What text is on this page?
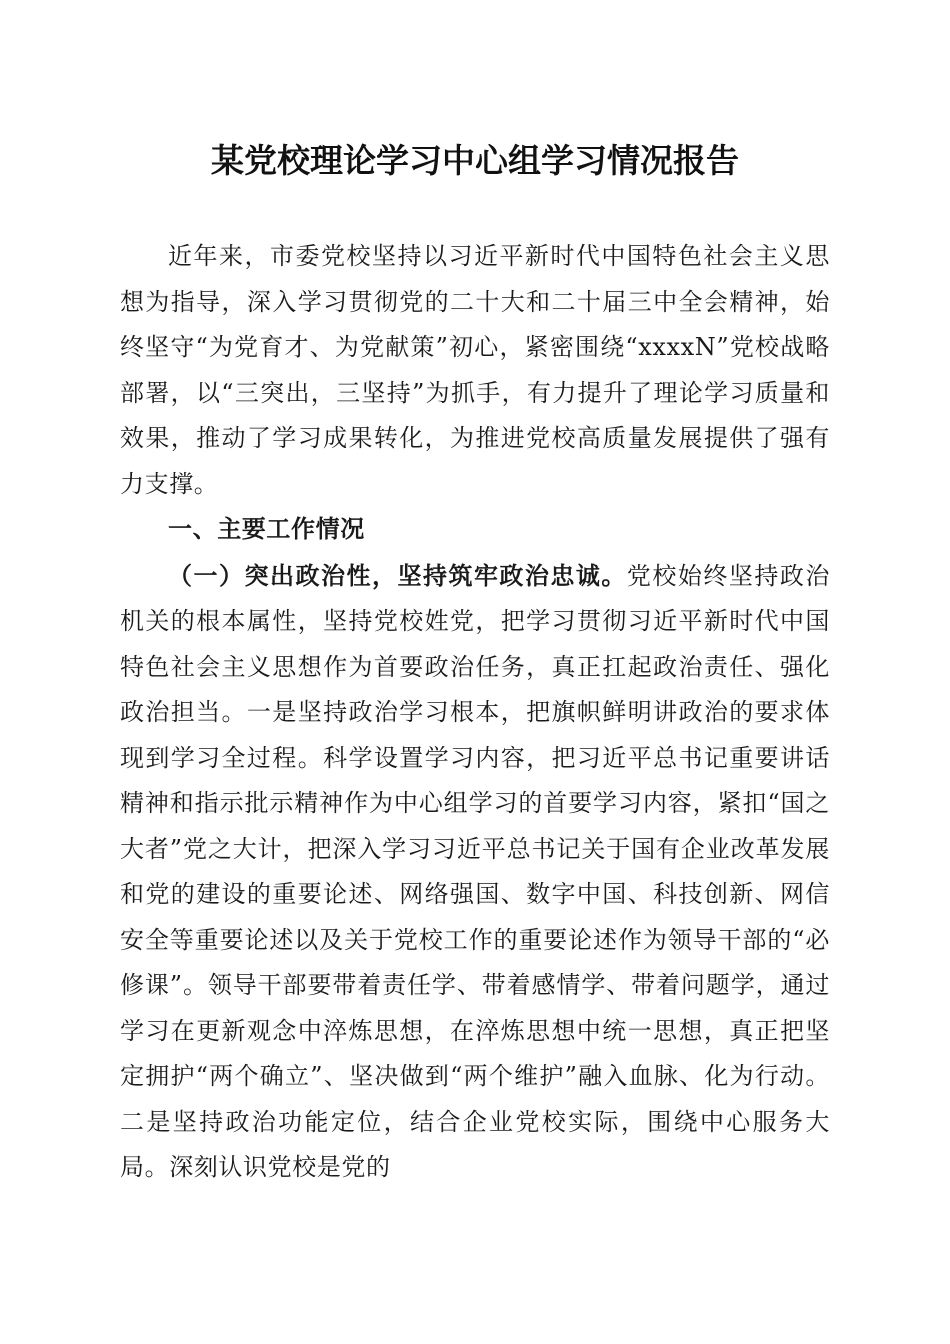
某党校理论学习中心组学习情况报告

近年来，市委党校坚持以习近平新时代中国特色社会主义思想为指导，深入学习贯彻党的二十大和二十届三中全会精神，始终坚守“为党育才、为党献策”初心，紧密围绕“xxxxN”党校战略部署，以“三突出，三坚持”为抓手，有力提升了理论学习质量和效果，推动了学习成果转化，为推进党校高质量发展提供了强有力支撑。

一、主要工作情况

（一）突出政治性，坚持筑牢政治忠诚。党校始终坚持政治机关的根本属性，坚持党校姓党，把学习贯彻习近平新时代中国特色社会主义思想作为首要政治任务，真正扛起政治责任、强化政治担当。一是坚持政治学习根本，把旗帜鲜明讲政治的要求体现到学习全过程。科学设置学习内容，把习近平总书记重要讲话精神和指示批示精神作为中心组学习的首要学习内容，紧扣“国之大者”党之大计，把深入学习习近平总书记关于国有企业改革发展和党的建设的重要论述、网络强国、数字中国、科技创新、网信安全等重要论述以及关于党校工作的重要论述作为领导干部的“必修课”。领导干部要带着责任学、带着感情学、带着问题学，通过学习在更新观念中淬炼思想，在淬炼思想中统一思想，真正把坚定拥护“两个确立”、坚决做到“两个维护”融入血脉、化为行动。二是坚持政治功能定位，结合企业党校实际，围绕中心服务大局。深刻认识党校是党的
